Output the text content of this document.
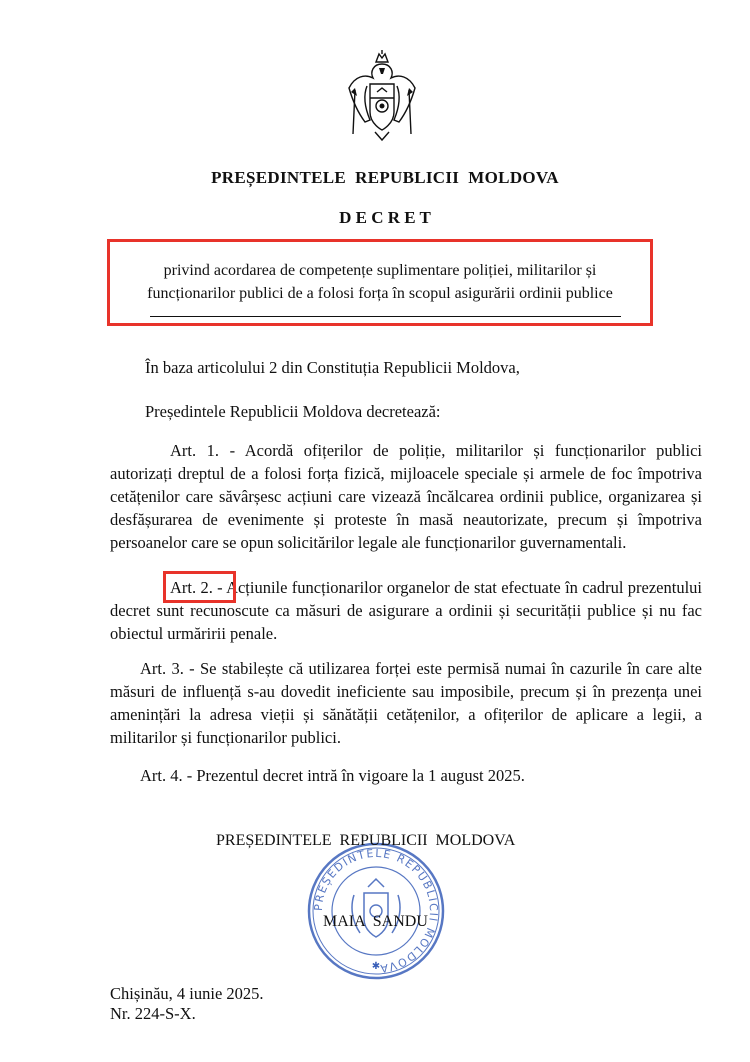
PREȘEDINTELE  REPUBLICII  MOLDOVA
D E C R E T
privind acordarea de competențe suplimentare poliției, militarilor și
funcționarilor publici de a folosi forța în scopul asigurării ordinii publice
În baza articolului 2 din Constituția Republicii Moldova,
Președintele Republicii Moldova decretează:
Art. 1. - Acordă ofițerilor de poliție, militarilor și funcționarilor publici autorizați dreptul de a folosi forța fizică, mijloacele speciale și armele de foc împotriva cetățenilor care săvârșesc acțiuni care vizează încălcarea ordinii publice, organizarea și desfășurarea de evenimente și proteste în masă neautorizate, precum și împotriva persoanelor care se opun solicitărilor legale ale funcționarilor guvernamentali.
Art. 2. - Acțiunile funcționarilor organelor de stat efectuate în cadrul prezentului decret sunt recunoscute ca măsuri de asigurare a ordinii și securității publice și nu fac obiectul urmăririi penale.
Art. 3. - Se stabilește că utilizarea forței este permisă numai în cazurile în care alte măsuri de influență s-au dovedit ineficiente sau imposibile, precum și în prezența unei amenințări la adresa vieții și sănătății cetățenilor, a ofițerilor de aplicare a legii, a militarilor și funcționarilor publici.
Art. 4. - Prezentul decret intră în vigoare la 1 august 2025.
PREȘEDINTELE REPUBLICII MOLDOVA
✱
PREȘEDINTELE  REPUBLICII  MOLDOVA
MAIA  SANDU
Chișinău, 4 iunie 2025.
Nr. 224-S-X.
